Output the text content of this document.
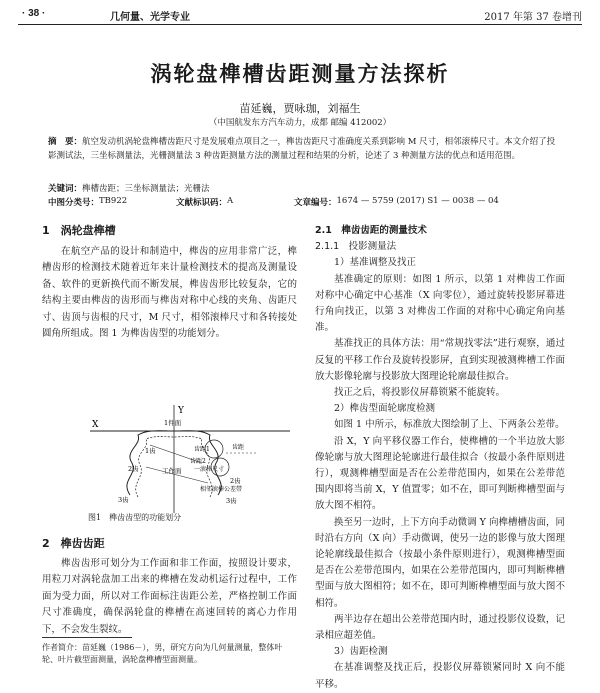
· 38 ·	几何量、光学专业	2017 年第 37 卷增刊
涡轮盘榫槽齿距测量方法探析
苗延巍，贾咏珈，刘福生
（中国航发东方汽车动力，成都 邮编 412002）
摘　要：航空发动机涡轮盘榫槽齿距尺寸是发展难点项目之一，榫齿齿距尺寸准确度关系到影响 M 尺寸，相邻滚棒尺寸。本文介绍了投影测试法，三坐标测量法，光栅测量法 3 种齿距测量方法的测量过程和结果的分析，论述了 3 种测量方法的优点和适用范围。
关键词：榫槽齿距；三坐标测量法；光栅法
中图分类号： TB922	文献标识码： A	文章编号： 1674 — 5759 (2017) S1 — 0038 — 04
1　涡轮盘榫槽

在航空产品的设计和制造中，榫齿的应用非常广泛，榫槽齿形的检测技术随着近年来计量检测技术的提高及测量设备、软件的更新换代而不断发展，榫齿齿形比较复杂，它的结构主要由榫齿的齿形而与榫齿对称中心线的夹角、齿距尺寸、齿顶与齿根的尺寸，M 尺寸，相邻滚棒尺寸和各转接处圆角所组成。图 1 为榫齿齿型的功能划分。

X
Y
1件面
1齿
2齿
3齿
2齿
3齿
齿距1
齿距2
工作面
齿距
一滚棒尺寸
相邻滚棒公差带
图1　榫齿齿型的功能划分
2　榫齿齿距

榫齿齿形可划分为工作面和非工作面，按照设计要求，用粒刀对涡轮盘加工出来的榫槽在发动机运行过程中，工作面为受力面，所以对工作面标注齿距公差，严格控制工作面尺寸准确度，确保涡轮盘的榫槽在高速回转的离心力作用下，不会发生裂纹。

作者简介：苗延巍（1986－），男，研究方向为几何量测量，整体叶轮、叶片截型面测量，涡轮盘榫槽型面测量。
2.1　榫齿齿距的测量技术
2.1.1　投影测量法

1）基准调整及找正

基准确定的原则：如图 1 所示，以第 1 对榫齿工作面对称中心确定中心基准（X 向零位），通过旋转投影屏幕进行角向找正，以第 3 对榫齿工作面的对称中心确定角向基准。

基准找正的具体方法：用“常规找零法”进行观察，通过反复的平移工作台及旋转投影屏，直到实现被测榫槽工作面放大影像轮廓与投影放大图理论轮廓最佳拟合。

找正之后，将投影仪屏幕锁紧不能旋转。

2）榫齿型面轮廓度检测

如图 1 中所示，标准放大图绘制了上、下两条公差带。

沿 X，Y 向平移仪器工作台，使榫槽的一个半边放大影像轮廓与放大图理论轮廓进行最佳拟合（按最小条件原则进行），观测榫槽型面是否在公差带范围内，如果在公差带范围内即将当前 X，Y 值置零；如不在，即可判断榫槽型面与放大图不相符。

换至另一边时，上下方向手动微调 Y 向榫槽槽齿面，同时沿右方向（X 向）手动微调，使另一边的影像与放大图理论轮廓线最佳拟合（按最小条件原则进行），观测榫槽型面是否在公差带范围内，如果在公差带范围内，即可判断榫槽型面与放大图相符；如不在，即可判断榫槽型面与放大图不相符。

两半边存在超出公差带范围内时，通过投影仪设数，记录相应超差值。

3）齿距检测

在基准调整及找正后，投影仪屏幕锁紧同时 X 向不能平移。
